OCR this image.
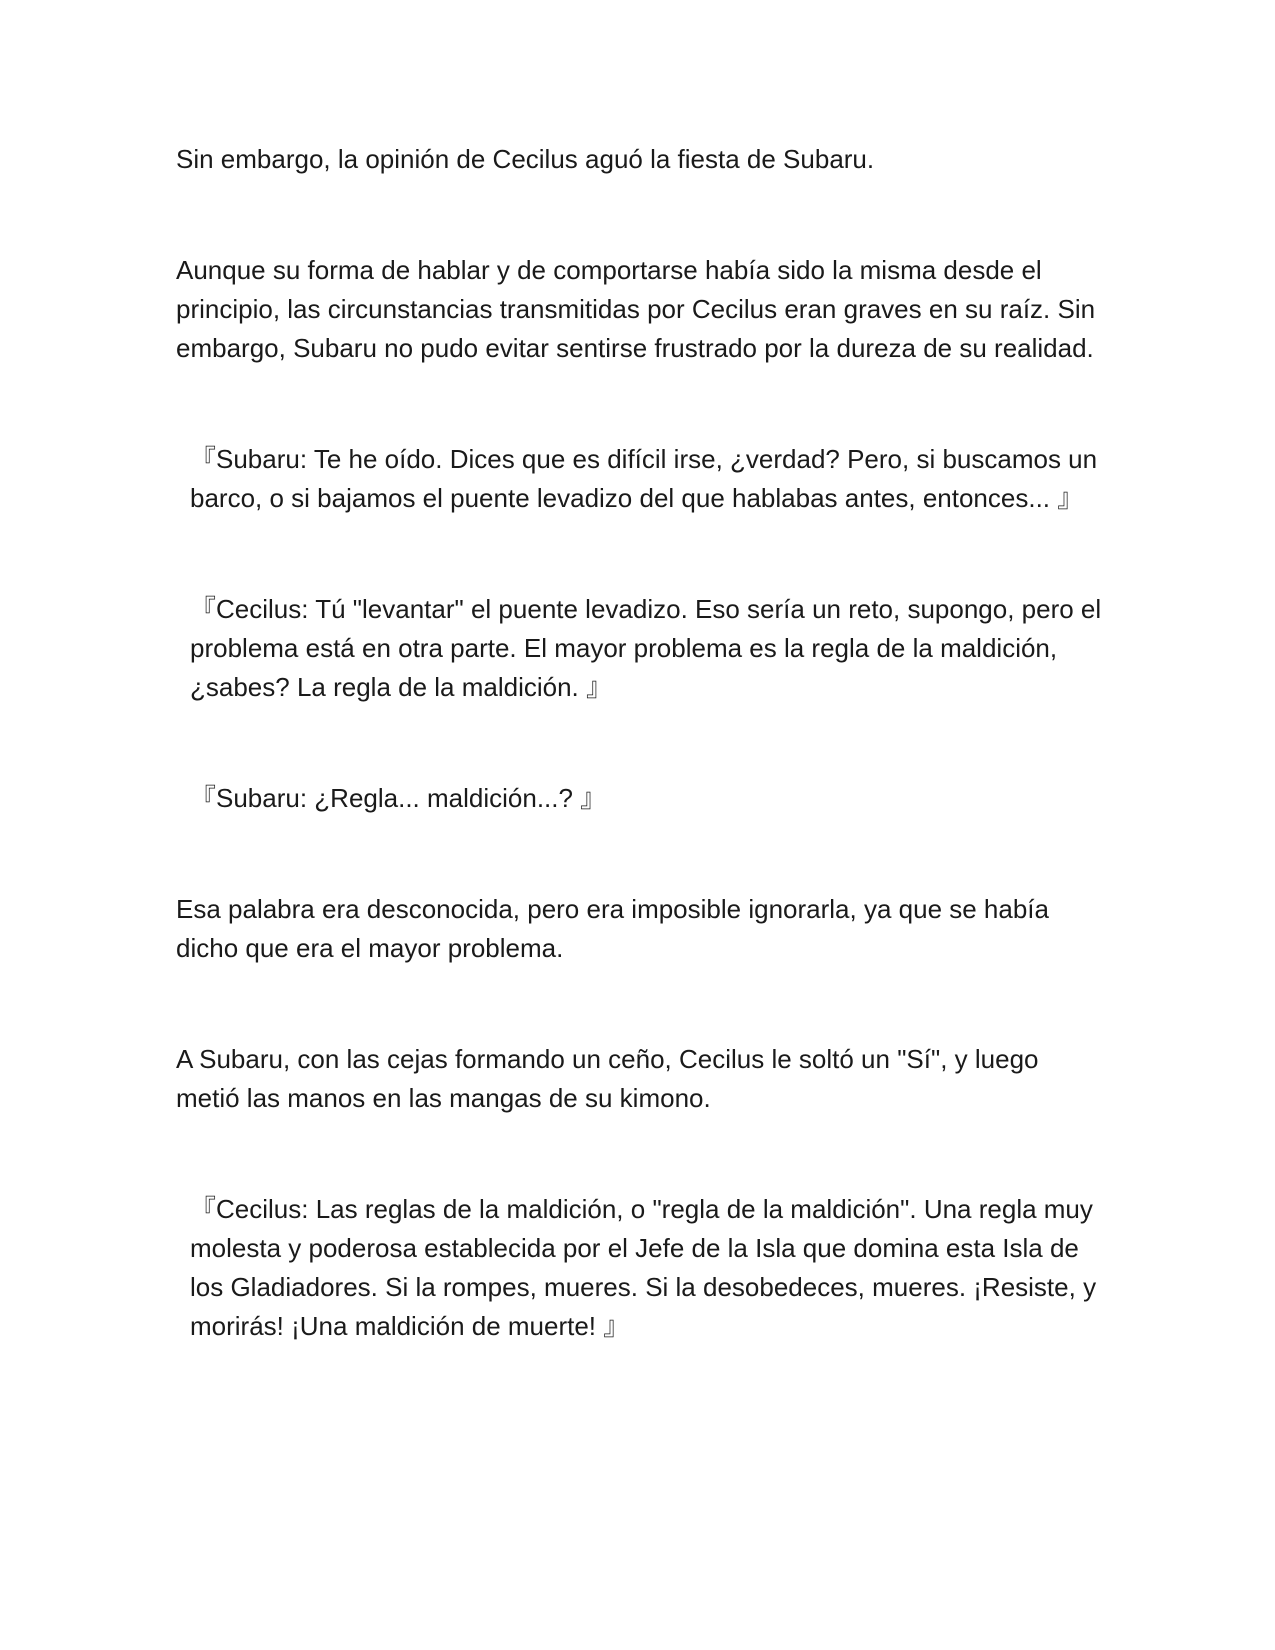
Sin embargo, la opinión de Cecilus aguó la fiesta de Subaru.

Aunque su forma de hablar y de comportarse había sido la misma desde el principio, las circunstancias transmitidas por Cecilus eran graves en su raíz. Sin embargo, Subaru no pudo evitar sentirse frustrado por la dureza de su realidad.

『Subaru: Te he oído. Dices que es difícil irse, ¿verdad? Pero, si buscamos un barco, o si bajamos el puente levadizo del que hablabas antes, entonces... 』

『Cecilus: Tú "levantar" el puente levadizo. Eso sería un reto, supongo, pero el problema está en otra parte. El mayor problema es la regla de la maldición, ¿sabes? La regla de la maldición. 』

『Subaru: ¿Regla... maldición...? 』

Esa palabra era desconocida, pero era imposible ignorarla, ya que se había dicho que era el mayor problema.

A Subaru, con las cejas formando un ceño, Cecilus le soltó un "Sí", y luego metió las manos en las mangas de su kimono.

『Cecilus: Las reglas de la maldición, o "regla de la maldición". Una regla muy molesta y poderosa establecida por el Jefe de la Isla que domina esta Isla de los Gladiadores. Si la rompes, mueres. Si la desobedeces, mueres. ¡Resiste, y morirás! ¡Una maldición de muerte! 』
